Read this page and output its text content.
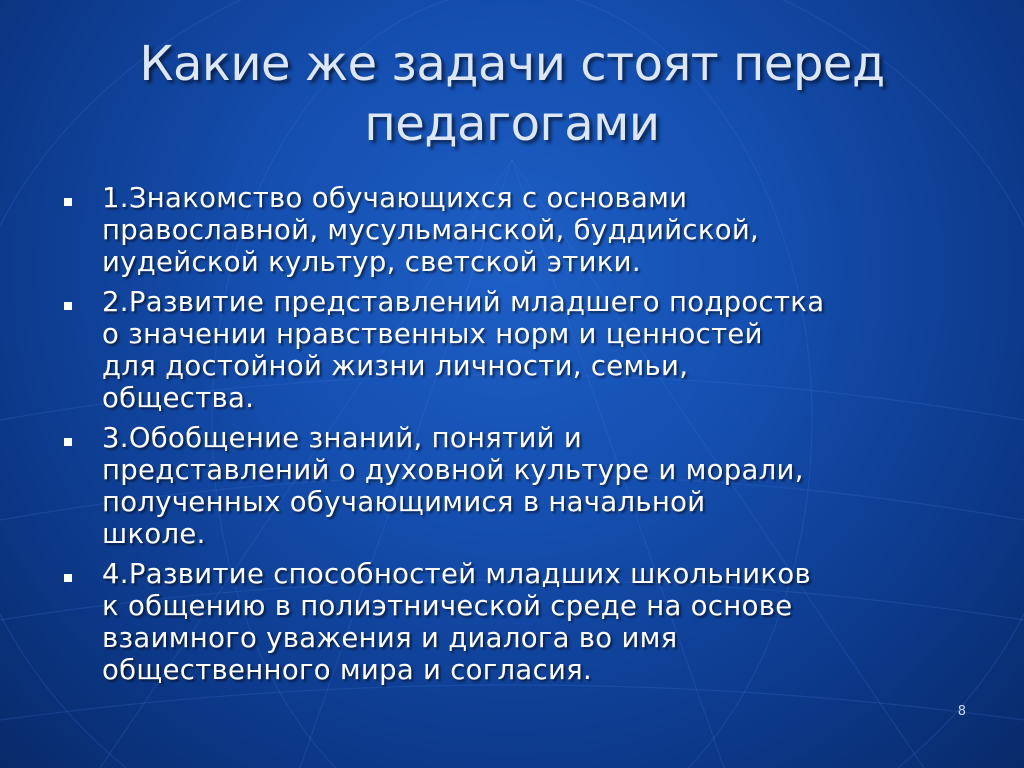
Какие же задачи стоят перед
педагогами
1.Знакомство обучающихся с основами
православной, мусульманской, буддийской,
иудейской культур, светской этики.
2.Развитие представлений младшего подростка
о значении нравственных норм и ценностей
для достойной жизни личности, семьи,
общества.
3.Обобщение знаний, понятий и
представлений о духовной культуре и морали,
полученных обучающимися в начальной
школе.
4.Развитие способностей младших школьников
к общению в полиэтнической среде на основе
взаимного уважения и диалога во имя
общественного мира и согласия.
8
